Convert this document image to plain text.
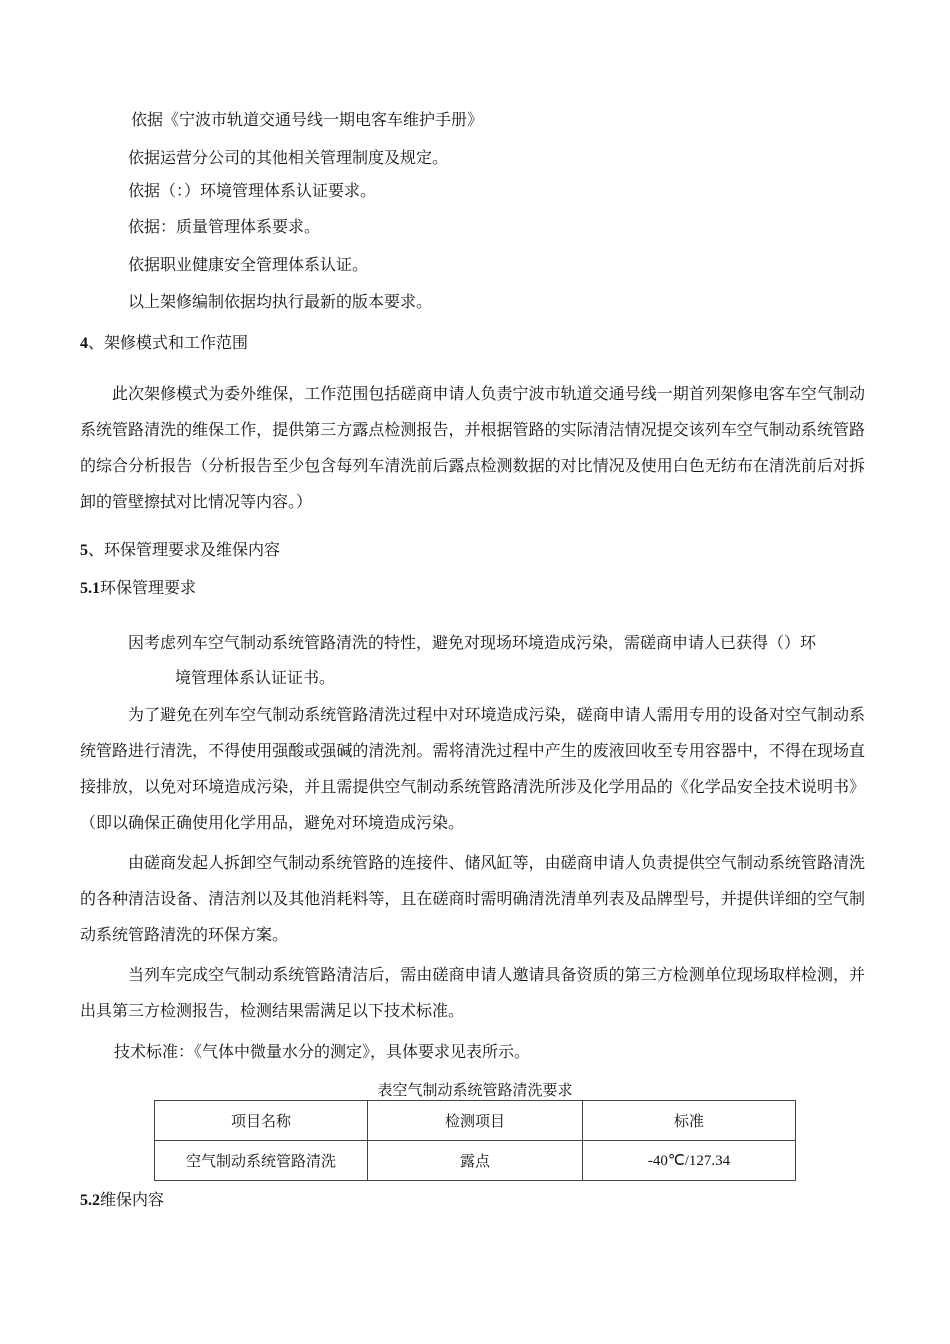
依据《宁波市轨道交通号线一期电客车维护手册》
依据运营分公司的其他相关管理制度及规定。
依据（：）环境管理体系认证要求。
依据：质量管理体系要求。
依据职业健康安全管理体系认证。
以上架修编制依据均执行最新的版本要求。
4、架修模式和工作范围
此次架修模式为委外维保，工作范围包括磋商申请人负责宁波市轨道交通号线一期首列架修电客车空气制动系统管路清洗的维保工作，提供第三方露点检测报告，并根据管路的实际清洁情况提交该列车空气制动系统管路的综合分析报告（分析报告至少包含每列车清洗前后露点检测数据的对比情况及使用白色无纺布在清洗前后对拆卸的管壁擦拭对比情况等内容。）
5、环保管理要求及维保内容
5.1环保管理要求
因考虑列车空气制动系统管路清洗的特性，避免对现场环境造成污染，需磋商申请人已获得（）环
境管理体系认证证书。
为了避免在列车空气制动系统管路清洗过程中对环境造成污染，磋商申请人需用专用的设备对空气制动系统管路进行清洗，不得使用强酸或强碱的清洗剂。需将清洗过程中产生的废液回收至专用容器中，不得在现场直接排放，以免对环境造成污染，并且需提供空气制动系统管路清洗所涉及化学用品的《化学品安全技术说明书》（即以确保正确使用化学用品，避免对环境造成污染。
由磋商发起人拆卸空气制动系统管路的连接件、储风缸等，由磋商申请人负责提供空气制动系统管路清洗的各种清洁设备、清洁剂以及其他消耗料等，且在磋商时需明确清洗清单列表及品牌型号，并提供详细的空气制动系统管路清洗的环保方案。
当列车完成空气制动系统管路清洁后，需由磋商申请人邀请具备资质的第三方检测单位现场取样检测，并出具第三方检测报告，检测结果需满足以下技术标准。
技术标准：《气体中微量水分的测定》，具体要求见表所示。
表空气制动系统管路清洗要求
项目名称	检测项目	标准
空气制动系统管路清洗	露点	-40℃/127.34
5.2维保内容
